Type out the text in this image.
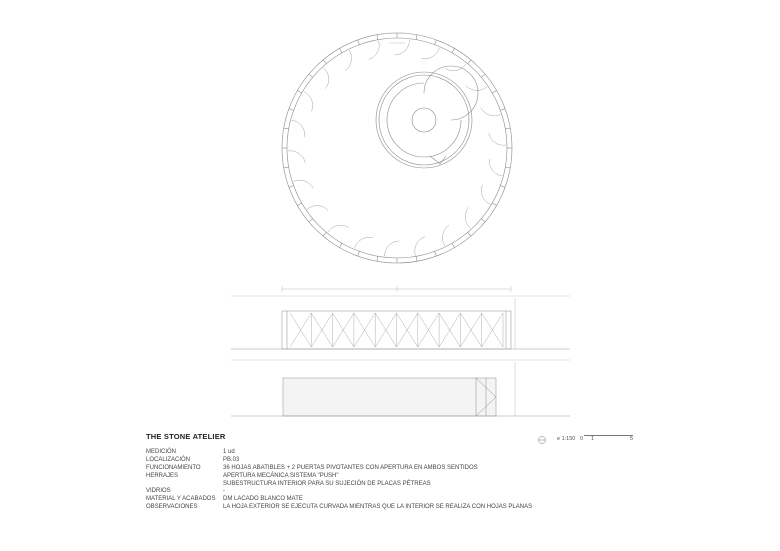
THE STONE ATELIER
MEDICIÓN	1 ud
LOCALIZACIÓN	PB.03
FUNCIONAMIENTO	36 HOJAS ABATIBLES + 2 PUERTAS PIVOTANTES CON APERTURA EN AMBOS SENTIDOS
HERRAJES	APERTURA MECÁNICA SISTEMA "PUSH"
SUBESTRUCTURA INTERIOR PARA SU SUJECIÓN DE PLACAS PÉTREAS
VIDRIOS	-
MATERIAL Y ACABADOS	DM LACADO BLANCO MATE
OBSERVACIONES	LA HOJA EXTERIOR SE EJECUTA CURVADA MIENTRAS QUE LA INTERIOR SE REALIZA CON HOJAS PLANAS
e 1:150 0 1	5
